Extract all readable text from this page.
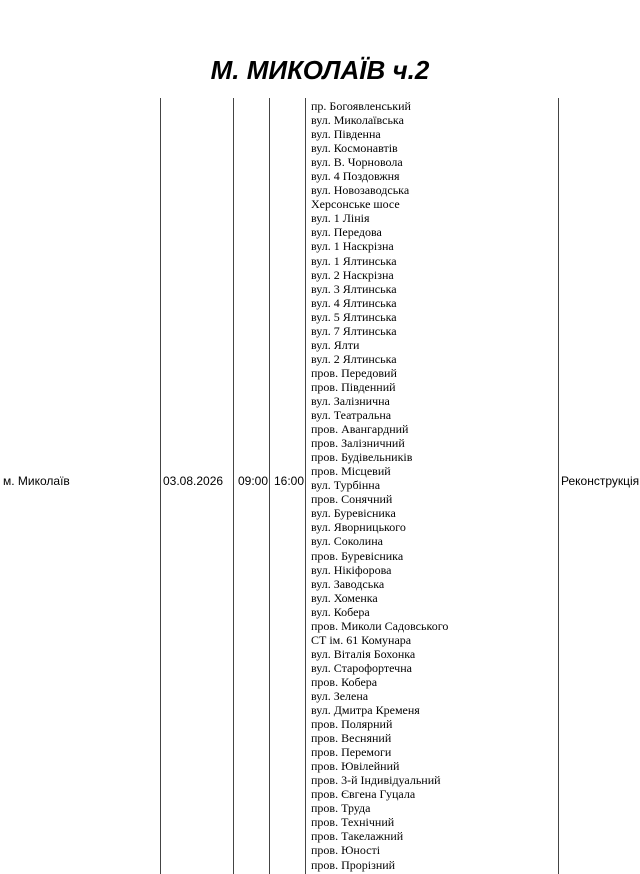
М. МИКОЛАЇВ ч.2
м. Миколаїв	03.08.2026 09:00 16:00	Реконструкція
пр. Богоявленський
вул. Миколаївська
вул. Південна
вул. Космонавтів
вул. В. Чорновола
вул. 4 Поздовжня
вул. Новозаводська
Херсонське шосе
вул. 1 Лінія
вул. Передова
вул. 1 Наскрізна
вул. 1 Ялтинська
вул. 2 Наскрізна
вул. 3 Ялтинська
вул. 4 Ялтинська
вул. 5 Ялтинська
вул. 7 Ялтинська
вул. Ялти
вул. 2 Ялтинська
пров. Передовий
пров. Південний
вул. Залізнична
вул. Театральна
пров. Авангардний
пров. Залізничний
пров. Будівельників
пров. Місцевий
вул. Турбінна
пров. Сонячний
вул. Буревісника
вул. Яворницького
вул. Соколина
пров. Буревісника
вул. Нікіфорова
вул. Заводська
вул. Хоменка
вул. Кобера
пров. Миколи Садовського
СТ ім. 61 Комунара
вул. Віталія Бохонка
вул. Старофортечна
пров. Кобера
вул. Зелена
вул. Дмитра Кременя
пров. Полярний
пров. Весняний
пров. Перемоги
пров. Ювілейний
пров. 3-й Індивідуальний
пров. Євгена Гуцала
пров. Труда
пров. Технічний
пров. Такелажний
пров. Юності
пров. Прорізний
